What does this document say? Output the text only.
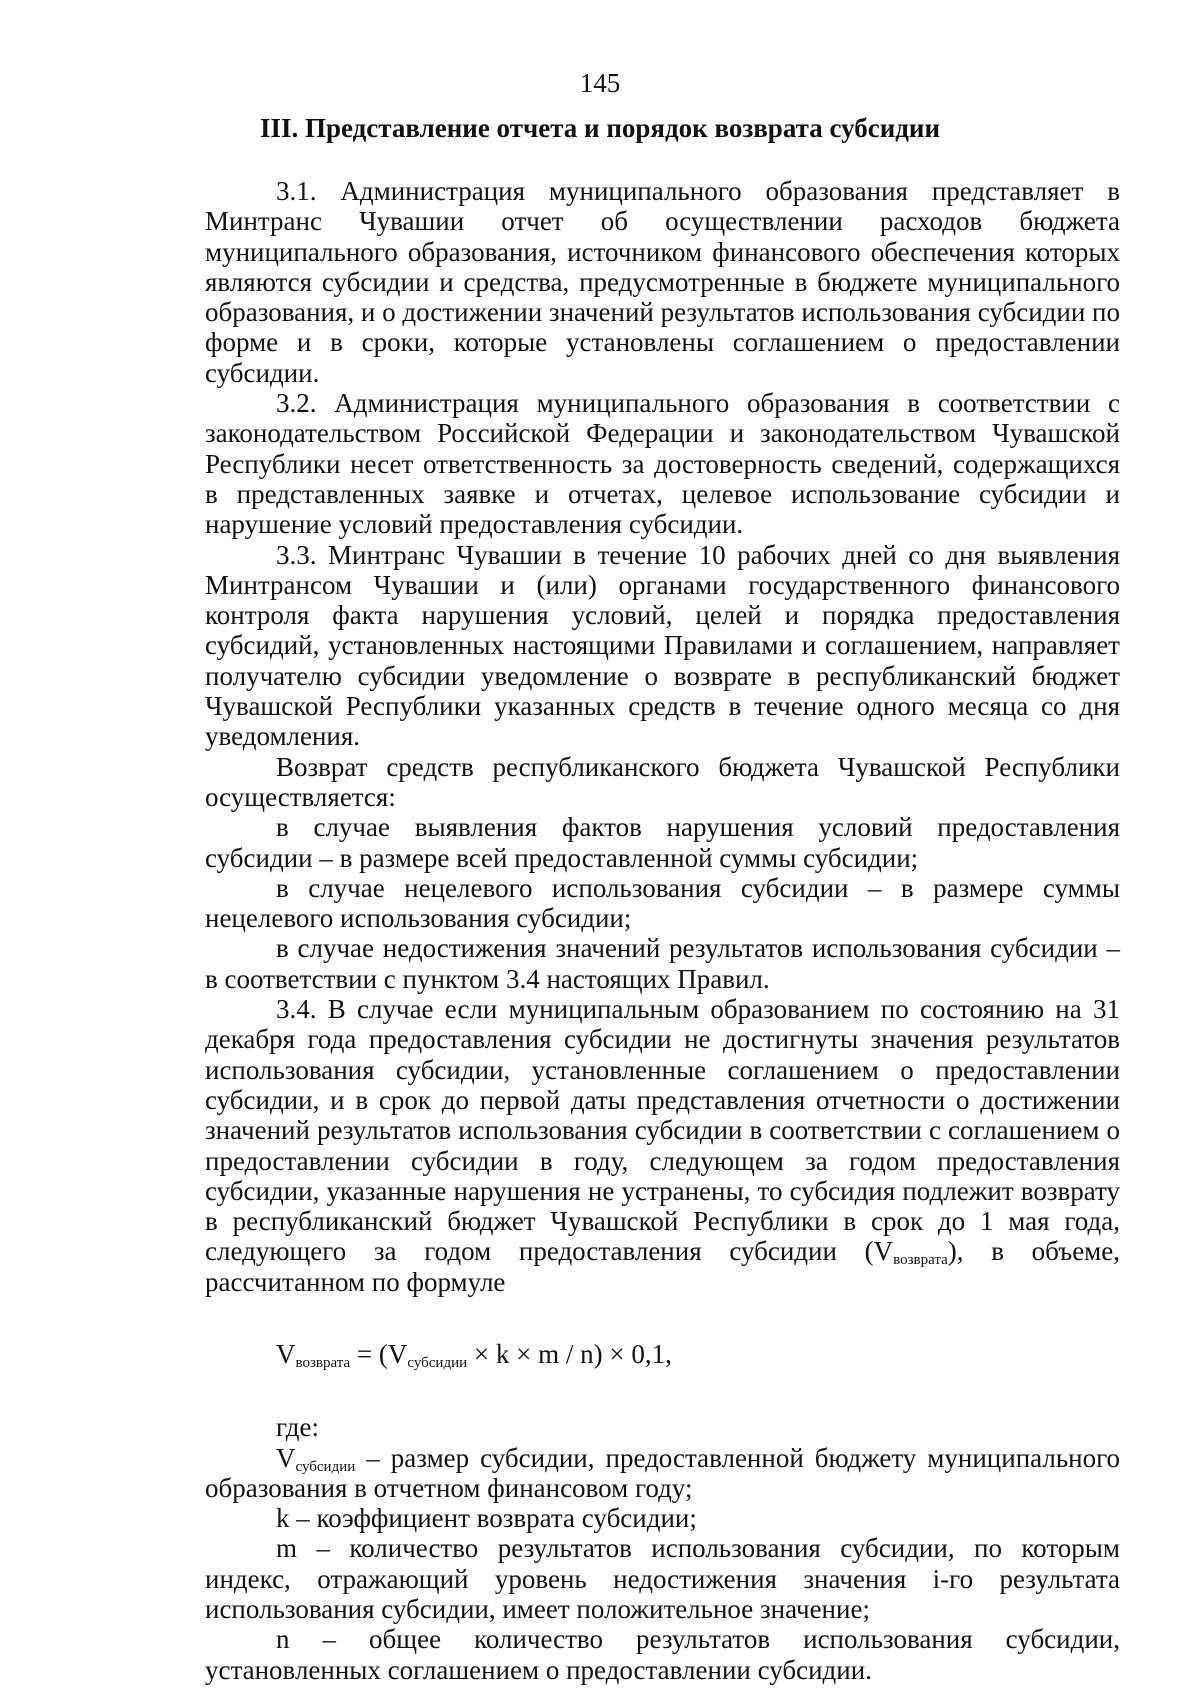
145
III. Представление отчета и порядок возврата субсидии

3.1. Администрация муниципального образования представляет в Минтранс Чувашии отчет об осуществлении расходов бюджета муниципального образования, источником финансового обеспечения которых являются субсидии и средства, предусмотренные в бюджете муниципального образования, и о достижении значений результатов использования субсидии по форме и в сроки, которые установлены соглашением о предоставлении субсидии.

3.2. Администрация муниципального образования в соответствии с законодательством Российской Федерации и законодательством Чувашской Республики несет ответственность за достоверность сведений, содержащихся в представленных заявке и отчетах, целевое использование субсидии и нарушение условий предоставления субсидии.

3.3. Минтранс Чувашии в течение 10 рабочих дней со дня выявления Минтрансом Чувашии и (или) органами государственного финансового контроля факта нарушения условий, целей и порядка предоставления субсидий, установленных настоящими Правилами и соглашением, направляет получателю субсидии уведомление о возврате в республиканский бюджет Чувашской Республики указанных средств в течение одного месяца со дня уведомления.

Возврат средств республиканского бюджета Чувашской Республики осуществляется:

в случае выявления фактов нарушения условий предоставления субсидии – в размере всей предоставленной суммы субсидии;

в случае нецелевого использования субсидии – в размере суммы нецелевого использования субсидии;

в случае недостижения значений результатов использования субсидии – в соответствии с пунктом 3.4 настоящих Правил.

3.4. В случае если муниципальным образованием по состоянию на 31 декабря года предоставления субсидии не достигнуты значения результатов использования субсидии, установленные соглашением о предоставлении субсидии, и в срок до первой даты представления отчетности о достижении значений результатов использования субсидии в соответствии с соглашением о предоставлении субсидии в году, следующем за годом предоставления субсидии, указанные нарушения не устранены, то субсидия подлежит возврату в республиканский бюджет Чувашской Республики в срок до 1 мая года, следующего за годом предоставления субсидии $(V_{возврата})$, в объеме, рассчитанном по формуле

$V_{возврата} = (V_{субсидии} \times k \times m / n) \times 0,1$,

где:

$V_{субсидии}$ – размер субсидии, предоставленной бюджету муниципального образования в отчетном финансовом году;

k – коэффициент возврата субсидии;

m – количество результатов использования субсидии, по которым индекс, отражающий уровень недостижения значения i-го результата использования субсидии, имеет положительное значение;

n – общее количество результатов использования субсидии, установленных соглашением о предоставлении субсидии.
